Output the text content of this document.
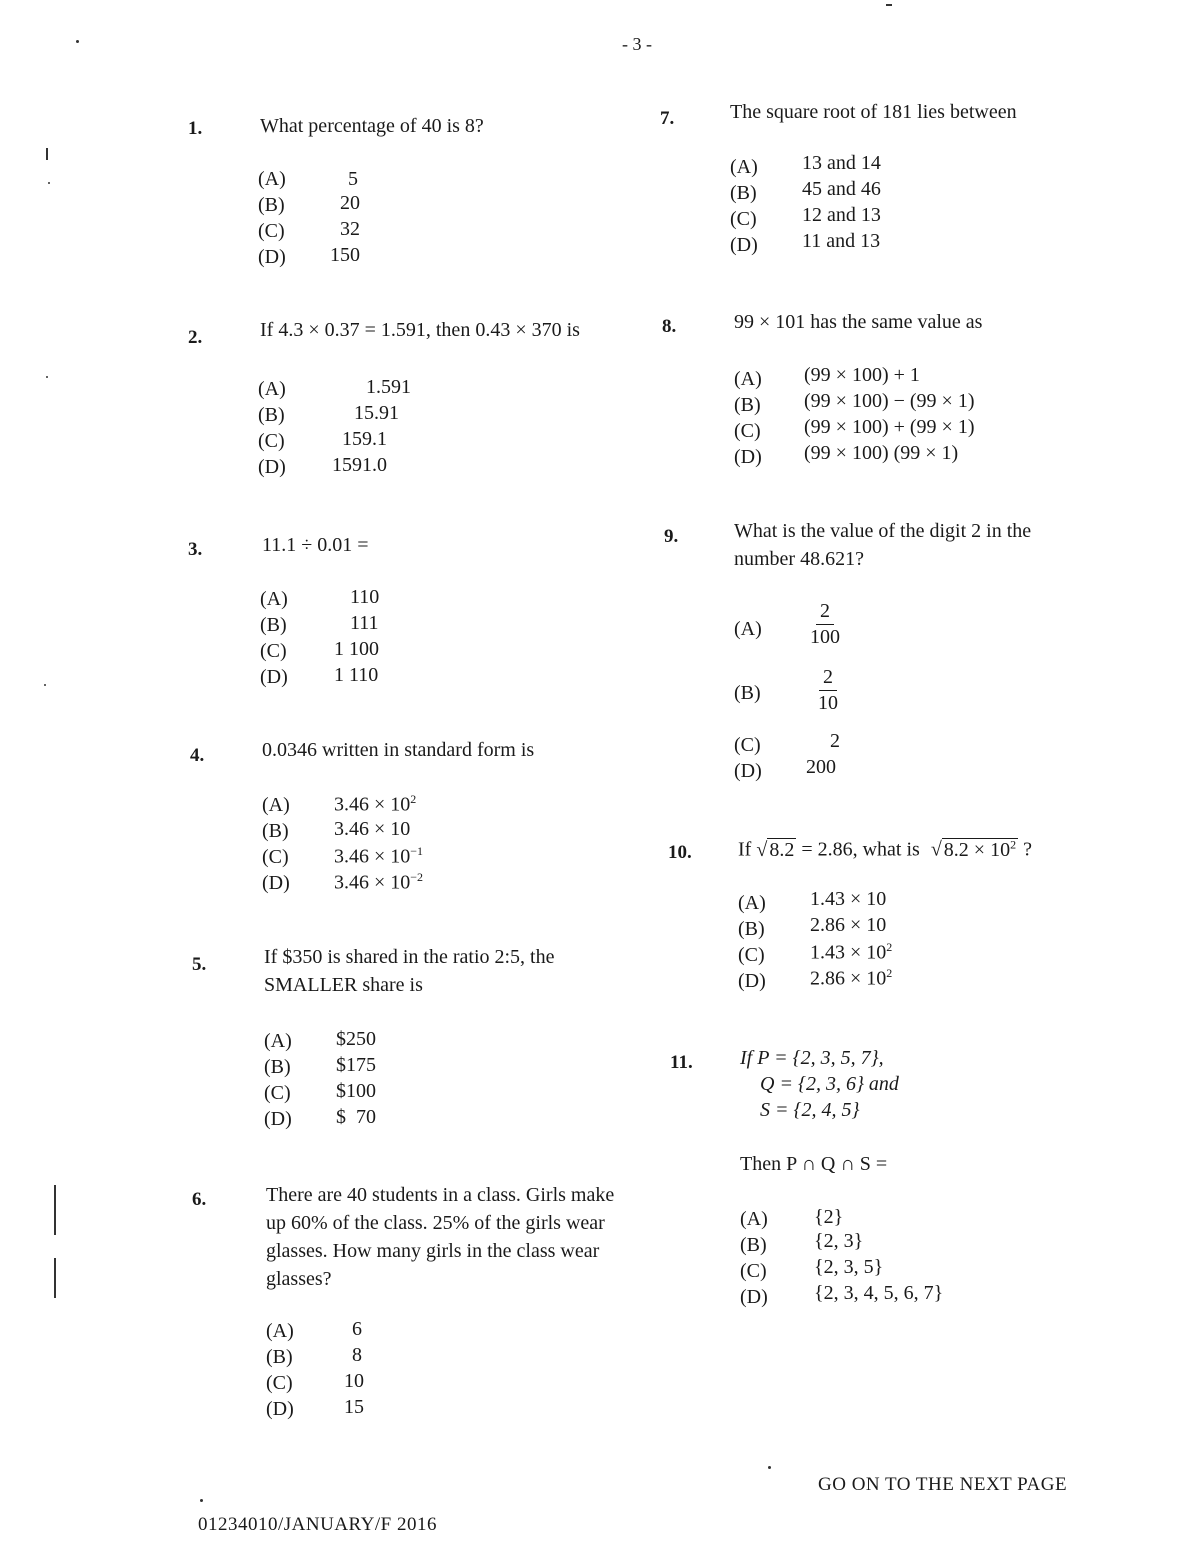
- 3 -
1.	What percentage of 40 is 8?
(A)	5
(B)	20
(C)	32
(D) 150
2.	If 4.3 × 0.37 = 1.591, then 0.43 × 370 is
(A)	1.591
(B)	15.91
(C)	159.1
(D) 1591.0
3.	11.1 ÷ 0.01 =
(A)	110
(B)	111
(C) 1 100
(D) 1 110
4.	0.0346 written in standard form is
(A) $3.46 \times 10^2$
(B) 3.46 × 10
(C) $3.46 \times 10^{-1}$
(D) $3.46 \times 10^{-2}$
5.	If $350 is shared in the ratio 2:5, the SMALLER share is
(A) $250
(B) $175
(C) $100
(D) $  70
6.	There are 40 students in a class. Girls make up 60% of the class. 25% of the girls wear glasses. How many girls in the class wear glasses?
(A)	6
(B)	8
(C)	10
(D)	15
7.	The square root of 181 lies between
(A) 13 and 14
(B) 45 and 46
(C) 12 and 13
(D) 11 and 13
8.	99 × 101 has the same value as
(A) (99 × 100) + 1
(B) (99 × 100) − (99 × 1)
(C) (99 × 100) + (99 × 1)
(D) (99 × 100) (99 × 1)
9.	What is the value of the digit 2 in the number 48.621?
$(A) \frac{2}{100}$
(B)	$\frac{2}{10}$
(C)	2
(D) 200
10. If √ 8.2 = 2.86, what is √ $8.2 \times 10^2$ ?
(A) 1.43 × 10
(B) 2.86 × 10
(C) $1.43 \times 10^2$
(D) $2.86 \times 10^2$
11. If P = {2, 3, 5, 7},
Q = {2, 3, 6} and
S = {2, 4, 5}
Then P ∩ Q ∩ S =
(A) {2}
(B) {2, 3}
(C) {2, 3, 5}
(D) {2, 3, 4, 5, 6, 7}
GO ON TO THE NEXT PAGE
01234010/JANUARY/F 2016
